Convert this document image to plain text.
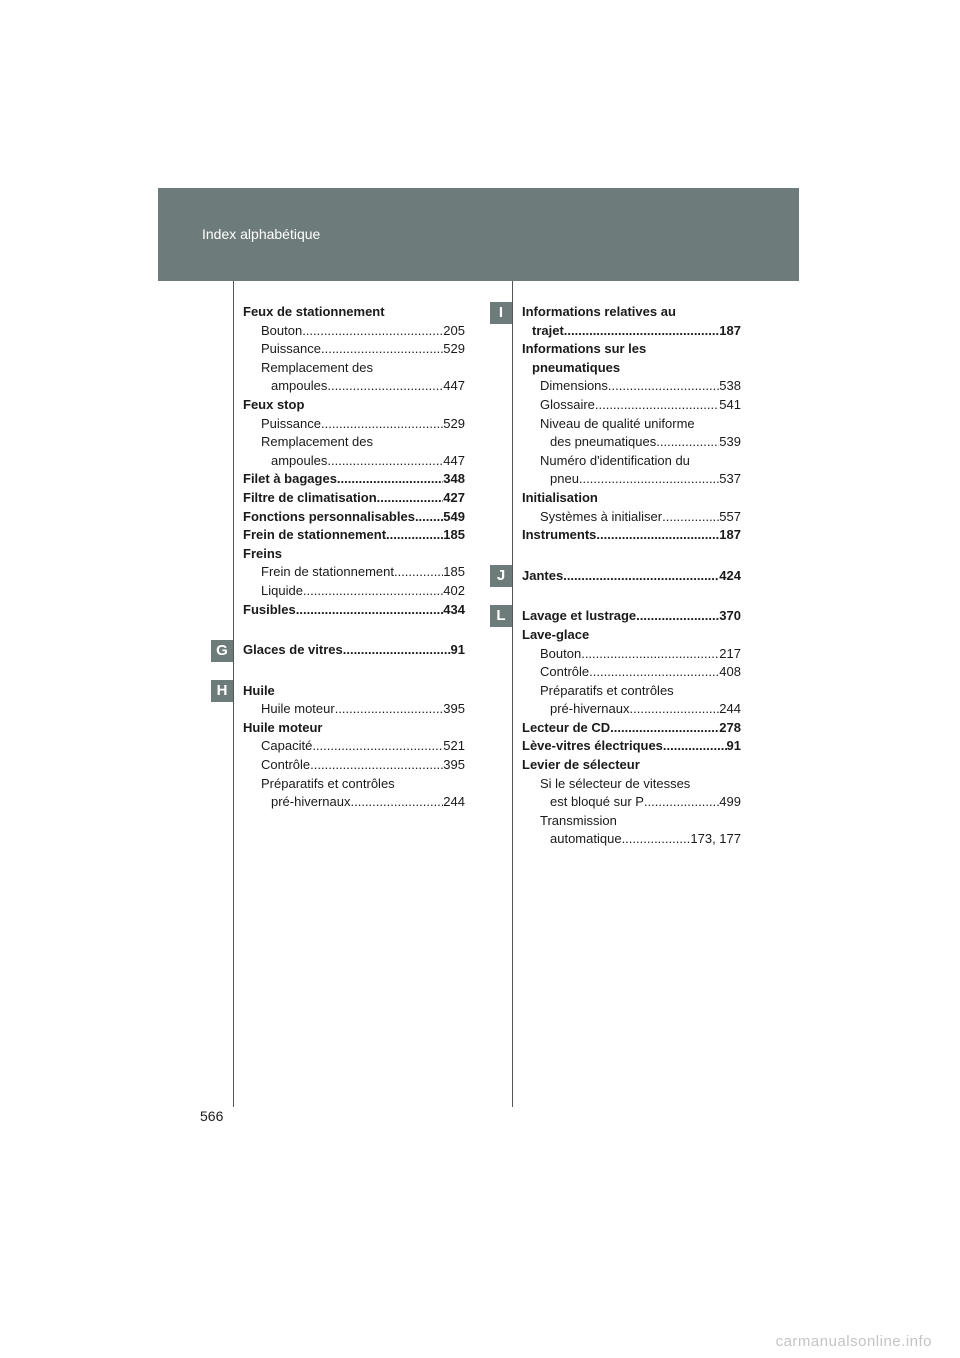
Index alphabétique
G
H
I
J
L
Feux de stationnement
Bouton .....	205
Puissance .....	529
Remplacement des
ampoules .....	447
Feux stop
Puissance .....	529
Remplacement des
ampoules .....	447
Filet à bagages .....	348
Filtre de climatisation .....	427
Fonctions personnalisables ..... 549
Frein de stationnement .....	185
Freins
Frein de stationnement .....	185
Liquide .....	402
Fusibles .....	434
Glaces de vitres .....	91
Huile
Huile moteur .....	395
Huile moteur
Capacité .....	521
Contrôle .....	395
Préparatifs et contrôles
pré-hivernaux .....	244
Informations relatives au
trajet .....	187
Informations sur les
pneumatiques
Dimensions .....	538
Glossaire .....	541
Niveau de qualité uniforme
des pneumatiques .....	539
Numéro d'identification du
pneu .....	537
Initialisation
Systèmes à initialiser .....	557
Instruments .....	187
Jantes .....	424
Lavage et lustrage .....	370
Lave-glace
Bouton .....	217
Contrôle .....	408
Préparatifs et contrôles
pré-hivernaux .....	244
Lecteur de CD .....	278
Lève-vitres électriques .....	91
Levier de sélecteur
Si le sélecteur de vitesses
est bloqué sur P .....	499
Transmission
automatique .....	173, 177
566
carmanualsonline.info
